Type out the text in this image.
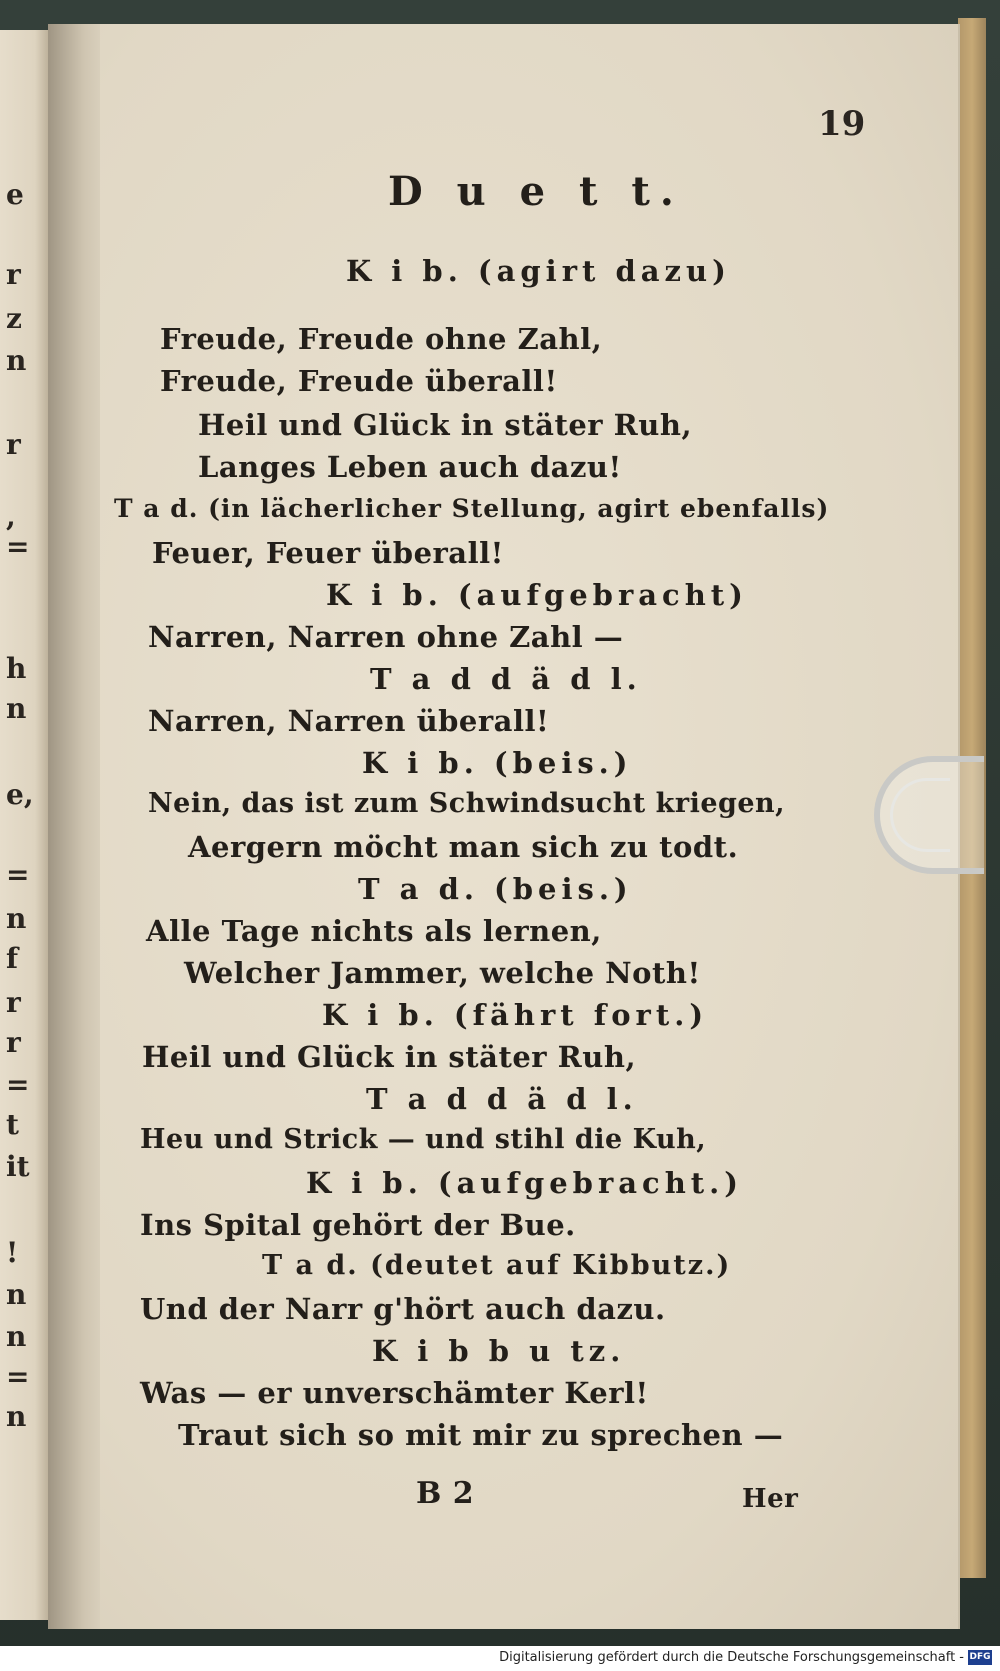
e
r
z
n
r
,
=
h
n
e,
=
n
f
r
r
=
t
it
!
n
n
=
n
19
D u e t t.
K i b. (agirt dazu)
Freude, Freude ohne Zahl,
Freude, Freude überall!
Heil und Glück in stäter Ruh,
Langes Leben auch dazu!
T a d. (in lächerlicher Stellung, agirt ebenfalls)
Feuer, Feuer überall!
K i b. (aufgebracht)
Narren, Narren ohne Zahl —
T a d d ä d l.
Narren, Narren überall!
K i b. (beis.)
Nein, das ist zum Schwindsucht kriegen,
Aergern möcht man sich zu todt.
T a d. (beis.)
Alle Tage nichts als lernen,
Welcher Jammer, welche Noth!
K i b. (fährt fort.)
Heil und Glück in stäter Ruh,
T a d d ä d l.
Heu und Strick — und stihl die Kuh,
K i b. (aufgebracht.)
Ins Spital gehört der Bue.
T a d. (deutet auf Kibbutz.)
Und der Narr g'hört auch dazu.
K i b b u tz.
Was — er unverschämter Kerl!
Traut sich so mit mir zu sprechen —
B 2	Her
Digitalisierung gefördert durch die Deutsche Forschungsgemeinschaft - DFG
